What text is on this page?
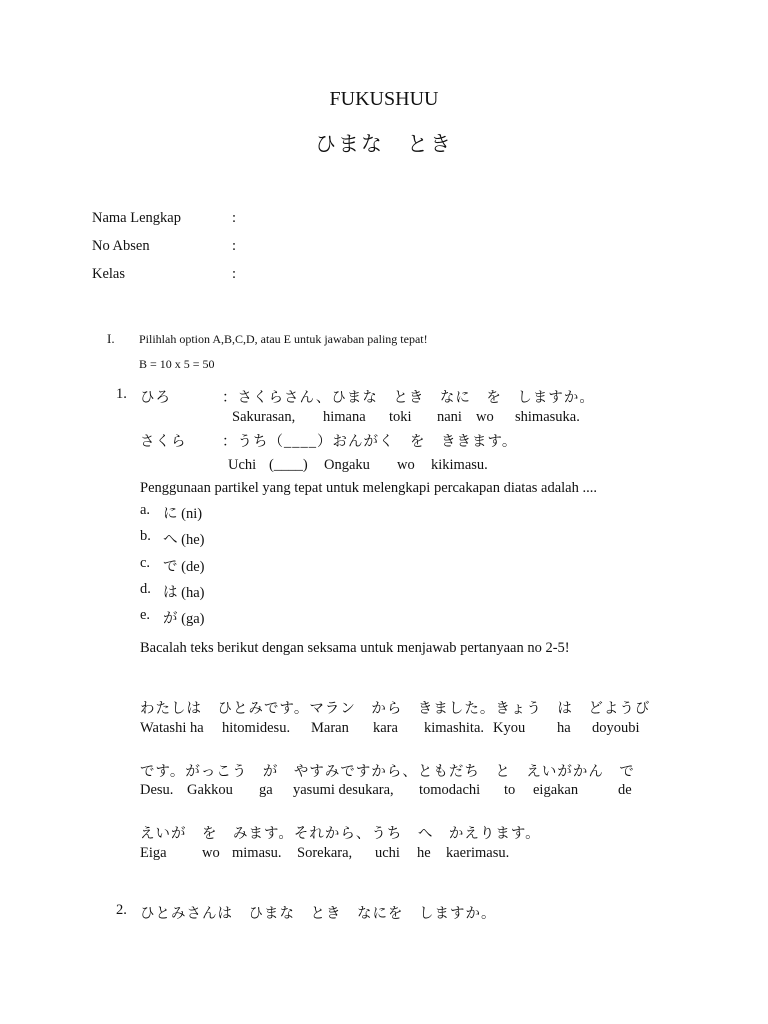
FUKUSHUU
ひまな　とき
Nama Lengkap	:
No Absen	:
Kelas	:
I. Pilihlah option A,B,C,D, atau E untuk jawaban paling tepat!
B = 10 x 5 = 50
1. ひろ	：さくらさん、ひまな　とき　なに　を　しますか。
Sakurasan, himana toki nani wo shimasuka.
さくら ：うち（____）おんがく　を　ききます。
Uchi (____) Ongaku wo kikimasu.
Penggunaan partikel yang tepat untuk melengkapi percakapan diatas adalah ....
a. に (ni)
b. へ (he)
c. で (de)
d. は (ha)
e. が (ga)
Bacalah teks berikut dengan seksama untuk menjawab pertanyaan no 2-5!
わたしは　ひとみです。マラン　から　きました。きょう　は　どようび
Watashi ha hitomidesu. Maran kara kimashita. Kyou ha doyoubi
です。がっこう　が　やすみですから、ともだち　と　えいがかん　で
Desu. Gakkou ga yasumi desukara, tomodachi to eigakan	de
えいが　を　みます。それから、うち　へ　かえります。
Eiga wo mimasu. Sorekara, uchi he kaerimasu.
2. ひとみさんは　ひまな　とき　なにを　しますか。
